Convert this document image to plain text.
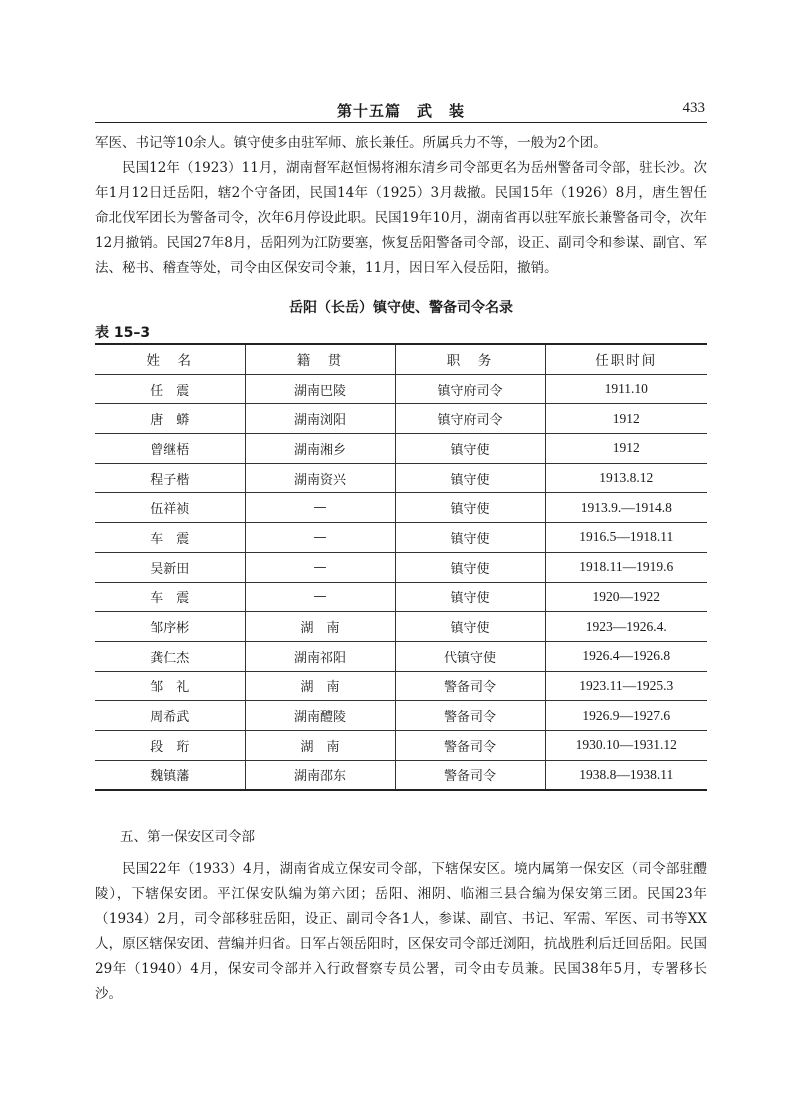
第十五篇　武　装	433

军医、书记等10余人。镇守使多由驻军师、旅长兼任。所属兵力不等，一般为2个团。

民国12年（1923）11月，湖南督军赵恒惕将湘东清乡司令部更名为岳州警备司令部，驻长沙。次年1月12日迁岳阳，辖2个守备团，民国14年（1925）3月裁撤。民国15年（1926）8月，唐生智任命北伐军团长为警备司令，次年6月停设此职。民国19年10月，湖南省再以驻军旅长兼警备司令，次年12月撤销。民国27年8月，岳阳列为江防要塞，恢复岳阳警备司令部，设正、副司令和参谋、副官、军法、秘书、稽查等处，司令由区保安司令兼，11月，因日军入侵岳阳，撤销。

岳阳（长岳）镇守使、警备司令名录
表 15–3
姓　名	籍　贯	职　务	任职时间
任　震	湖南巴陵	镇守府司令	1911.10
唐　蟒	湖南浏阳	镇守府司令	1912
曾继梧	湖南湘乡	镇守使	1912
程子楷	湖南资兴	镇守使	1913.8.12
伍祥祯	—	镇守使	1913.9.—1914.8
车　震	—	镇守使	1916.5—1918.11
吴新田	—	镇守使	1918.11—1919.6
车　震	—	镇守使	1920—1922
邹序彬	湖　南	镇守使	1923—1926.4.
龚仁杰	湖南祁阳	代镇守使	1926.4—1926.8
邹　礼	湖　南	警备司令	1923.11—1925.3
周希武	湖南醴陵	警备司令	1926.9—1927.6
段　珩	湖　南	警备司令	1930.10—1931.12
魏镇藩	湖南邵东	警备司令	1938.8—1938.11
五、第一保安区司令部

民国22年（1933）4月，湖南省成立保安司令部，下辖保安区。境内属第一保安区（司令部驻醴陵），下辖保安团。平江保安队编为第六团；岳阳、湘阴、临湘三县合编为保安第三团。民国23年（1934）2月，司令部移驻岳阳，设正、副司令各1人，参谋、副官、书记、军需、军医、司书等XX人，原区辖保安团、营编并归省。日军占领岳阳时，区保安司令部迁浏阳，抗战胜利后迁回岳阳。民国29年（1940）4月，保安司令部并入行政督察专员公署，司令由专员兼。民国38年5月，专署移长沙。
